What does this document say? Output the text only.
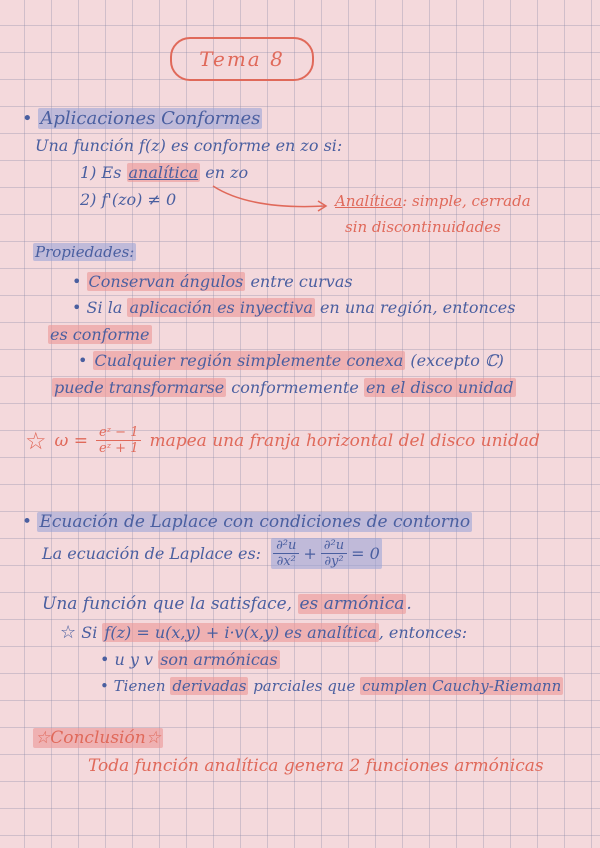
Tema 8
• Aplicaciones Conformes
Una función f(z) es conforme en zo si:
1) Es analítica en zo
2) f'(zo) ≠ 0	Analítica: simple, cerrada
sin discontinuidades
Propiedades:
• Conservan ángulos entre curvas
• Si la aplicación es inyectiva en una región, entonces
es conforme
• Cualquier región simplemente conexa (excepto ℂ)
puede transformarse conformemente en el disco unidad
☆ $\omega = \frac{\text{eᶻ − 1}}{\text{eᶻ + 1}}$ mapea una franja horizontal del disco unidad
• Ecuación de Laplace con condiciones de contorno
La ecuación de Laplace es: $\frac{\text{∂²u}}{\text{∂x²}} + \frac{\text{∂²u}}{\text{∂y²}} = 0$
Una función que la satisface, es armónica .
☆ Si f(z) = u(x,y) + i·v(x,y) es analítica , entonces:
• u y v son armónicas
• Tienen derivadas parciales que cumplen Cauchy-Riemann
☆Conclusión☆
Toda función analítica genera 2 funciones armónicas
